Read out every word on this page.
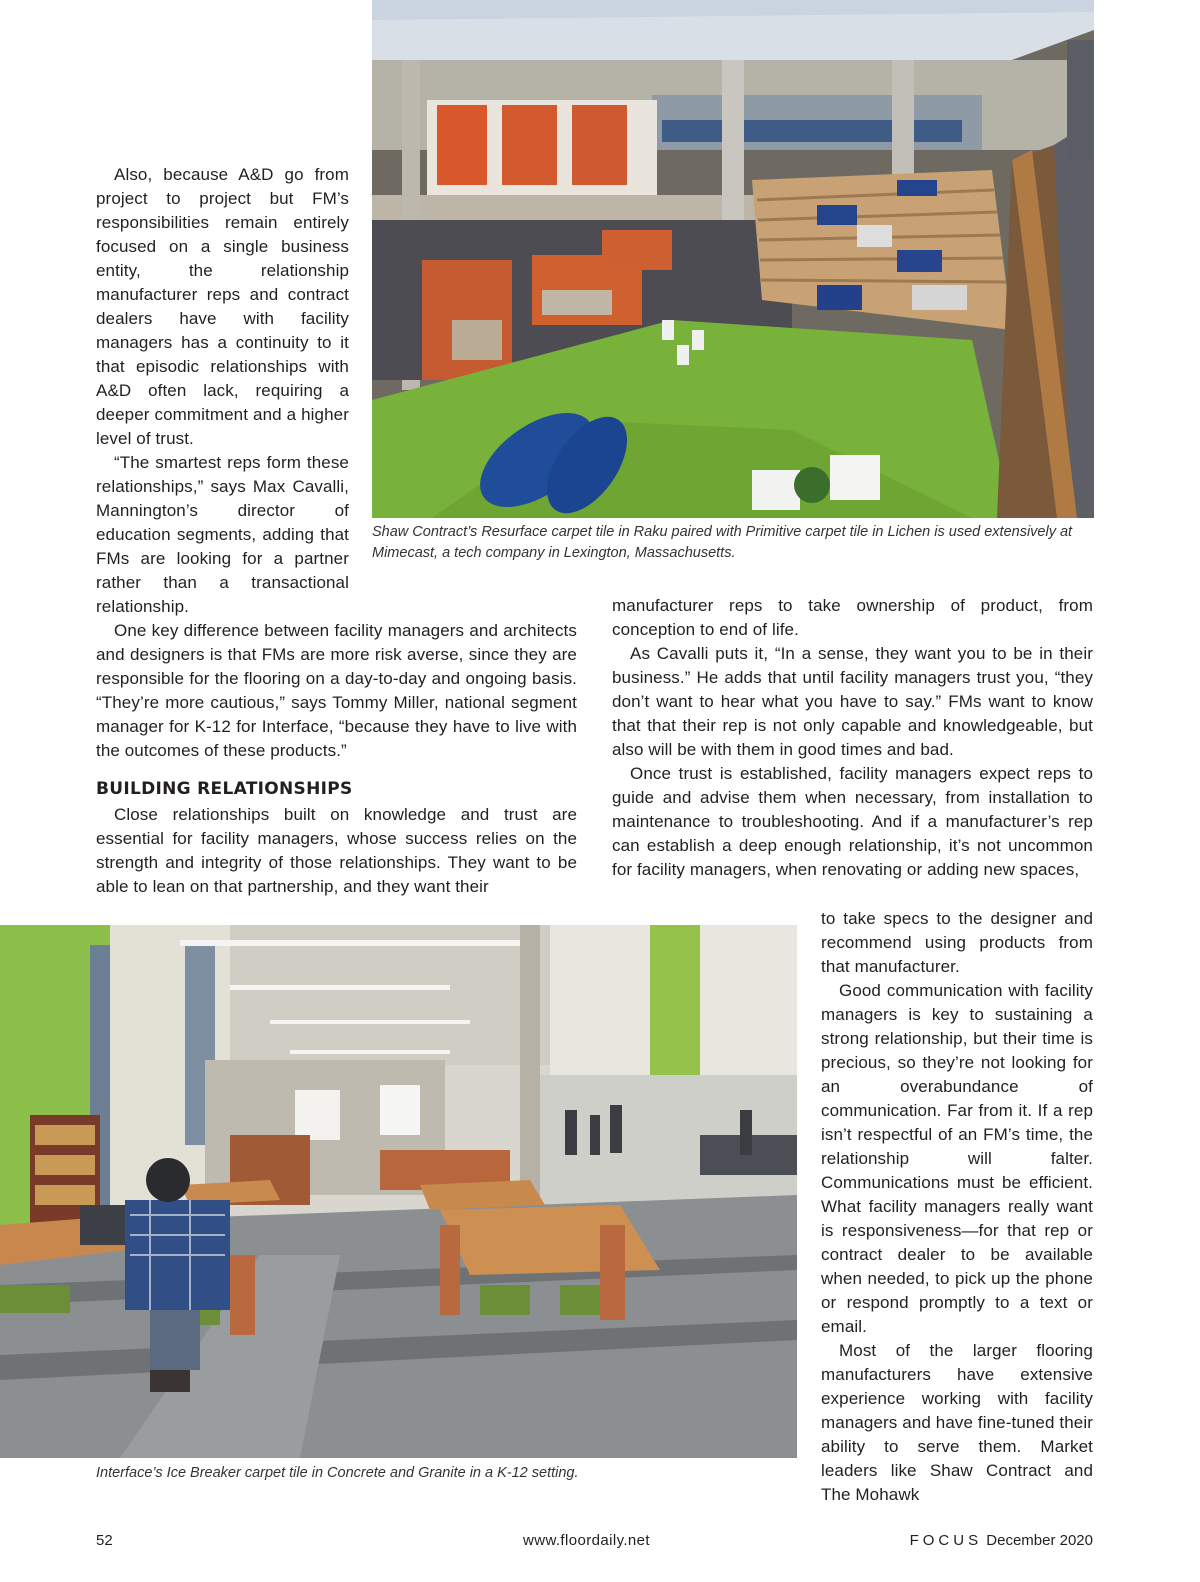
Shaw Contract’s Resurface carpet tile in Raku paired with Primitive carpet tile in Lichen is used extensively at Mimecast, a tech company in Lexington, Massachusetts.

Also, because A&D go from project to project but FM’s responsibilities remain entirely focused on a single business entity, the relationship manufacturer reps and contract dealers have with facility managers has a continuity to it that episodic relationships with A&D often lack, requiring a deeper commitment and a higher level of trust.

“The smartest reps form these relationships,” says Max Cavalli, Mannington’s director of education segments, adding that FMs are looking for a partner rather than a transactional relationship.

One key difference between facility managers and architects and designers is that FMs are more risk averse, since they are responsible for the flooring on a day-to-day and ongoing basis. “They’re more cautious,” says Tommy Miller, national segment manager for K-12 for Interface, “because they have to live with the outcomes of these products.”

BUILDING RELATIONSHIPS

Close relationships built on knowledge and trust are essential for facility managers, whose success relies on the strength and integrity of those relationships. They want to be able to lean on that partnership, and they want their

manufacturer reps to take ownership of product, from conception to end of life.

As Cavalli puts it, “In a sense, they want you to be in their business.” He adds that until facility managers trust you, “they don’t want to hear what you have to say.” FMs want to know that that their rep is not only capable and knowledgeable, but also will be with them in good times and bad.

Once trust is established, facility managers expect reps to guide and advise them when necessary, from installation to maintenance to troubleshooting. And if a manufacturer’s rep can establish a deep enough relationship, it’s not uncommon for facility managers, when renovating or adding new spaces,

to take specs to the designer and recommend using products from that manufacturer.

Good communication with facility managers is key to sustaining a strong relationship, but their time is precious, so they’re not looking for an overabundance of communication. Far from it. If a rep isn’t respectful of an FM’s time, the relationship will falter. Communications must be efficient. What facility managers really want is responsiveness—for that rep or contract dealer to be available when needed, to pick up the phone or respond promptly to a text or email.

Most of the larger flooring manufacturers have extensive experience working with facility managers and have fine-tuned their ability to serve them. Market leaders like Shaw Contract and The Mohawk

Interface’s Ice Breaker carpet tile in Concrete and Granite in a K-12 setting.
52	www.floordaily.net	FOCUS December 2020
